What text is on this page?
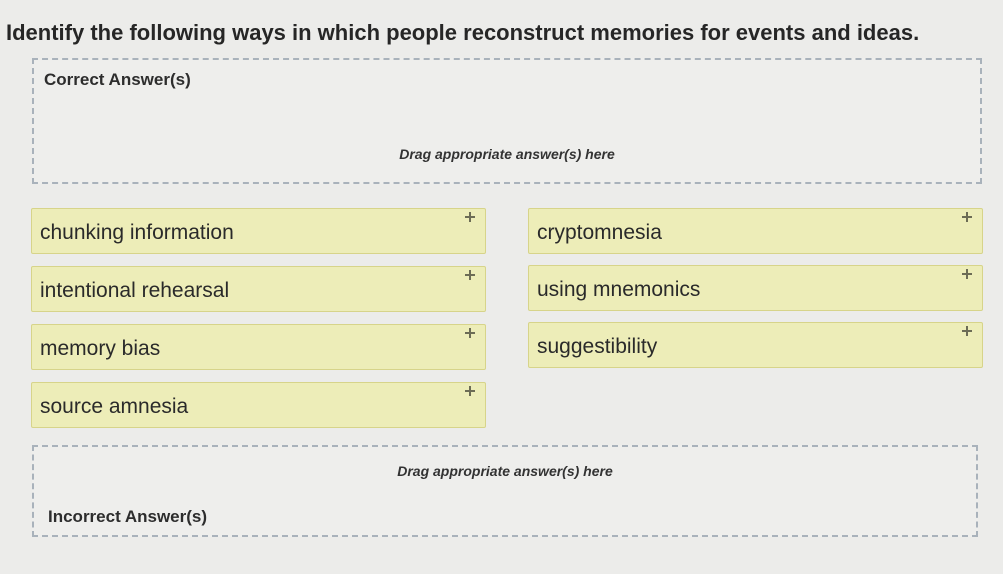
Identify the following ways in which people reconstruct memories for events and ideas.
Correct Answer(s)
Drag appropriate answer(s) here
chunking information	cryptomnesia
intentional rehearsal	using mnemonics
memory bias	suggestibility
source amnesia
Drag appropriate answer(s) here
Incorrect Answer(s)
